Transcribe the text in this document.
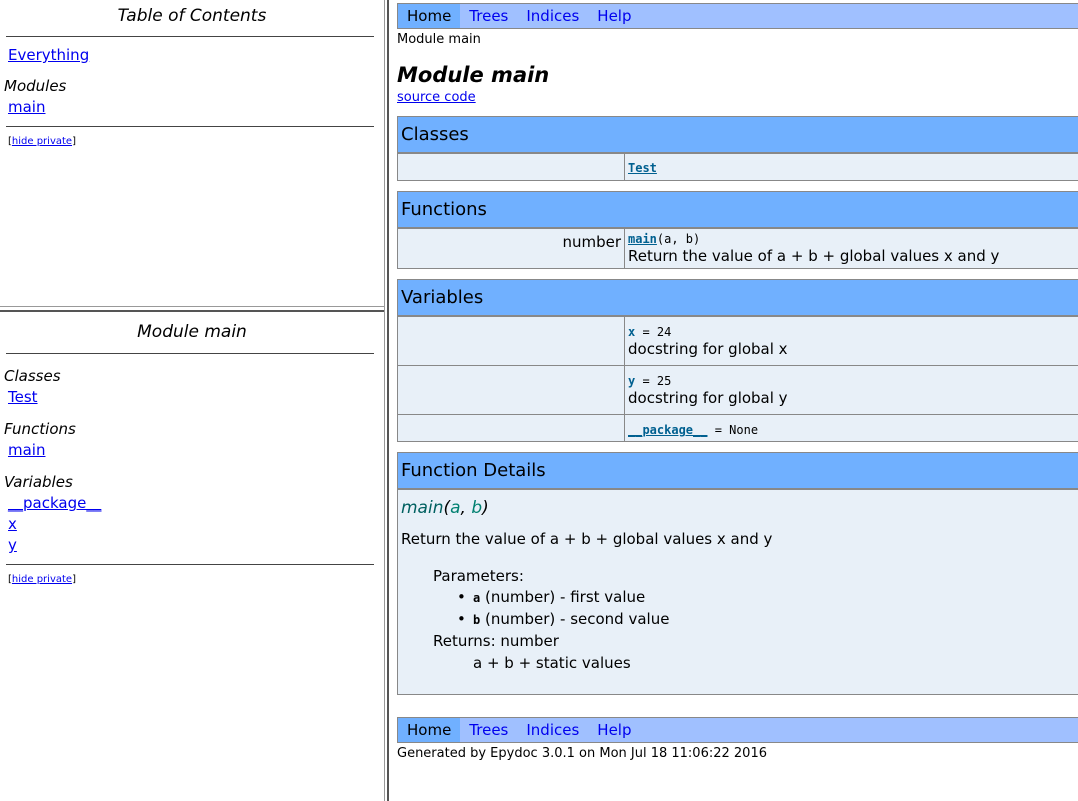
Table of Contents
Everything
Modules
main
[hide private]
Module main
Classes
Test
Functions
main
Variables
__package__
x
y
[hide private]
Home	Trees	Indices	Help
Module main
Module main
source code
Classes
Test
Functions
number main(a, b)
Return the value of a + b + global values x and y
Variables
x = 24
docstring for global x
y = 25
docstring for global y
__package__ = None
Function Details
main(a, b)
Return the value of a + b + global values x and y
Parameters:
• a (number) - first value
• b (number) - second value
Returns: number
a + b + static values
Home	Trees	Indices	Help
Generated by Epydoc 3.0.1 on Mon Jul 18 11:06:22 2016
